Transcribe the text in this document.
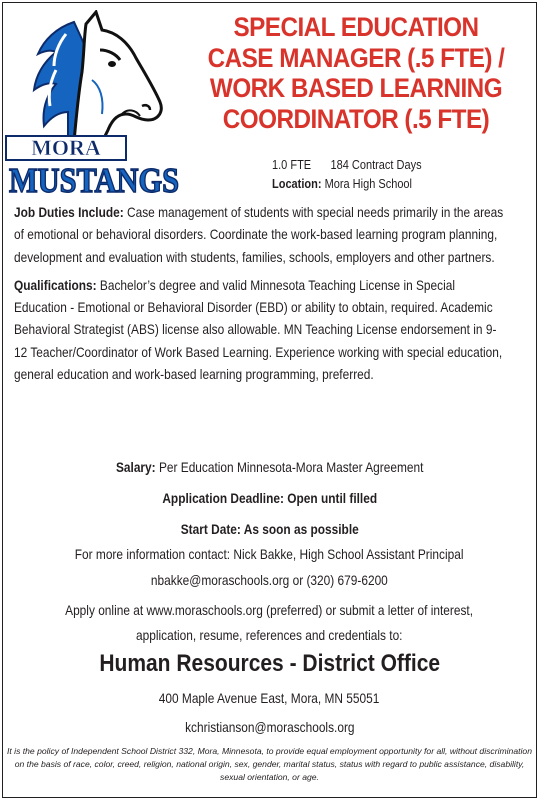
MORA
MUSTANGS
SPECIAL EDUCATION
CASE MANAGER (.5 FTE) /
WORK BASED LEARNING
COORDINATOR (.5 FTE)
1.0 FTE 184 Contract Days
Location: Mora High School

Job Duties Include: Case management of students with special needs primarily in the areas of emotional or behavioral disorders. Coordinate the work-based learning program planning, development and evaluation with students, families, schools, employers and other partners.

Qualifications: Bachelor’s degree and valid Minnesota Teaching License in Special Education - Emotional or Behavioral Disorder (EBD) or ability to obtain, required. Academic Behavioral Strategist (ABS) license also allowable. MN Teaching License endorsement in 9-12 Teacher/Coordinator of Work Based Learning. Experience working with special education, general education and work-based learning programming, preferred.

Salary: Per Education Minnesota-Mora Master Agreement
Application Deadline: Open until filled
Start Date: As soon as possible
For more information contact: Nick Bakke, High School Assistant Principal
nbakke@moraschools.org or (320) 679-6200
Apply online at www.moraschools.org (preferred) or submit a letter of interest,
application, resume, references and credentials to:
Human Resources - District Office
400 Maple Avenue East, Mora, MN 55051
kchristianson@moraschools.org
It is the policy of Independent School District 332, Mora, Minnesota, to provide equal employment opportunity for all, without discrimination on the basis of race, color, creed, religion, national origin, sex, gender, marital status, status with regard to public assistance, disability, sexual orientation, or age.
